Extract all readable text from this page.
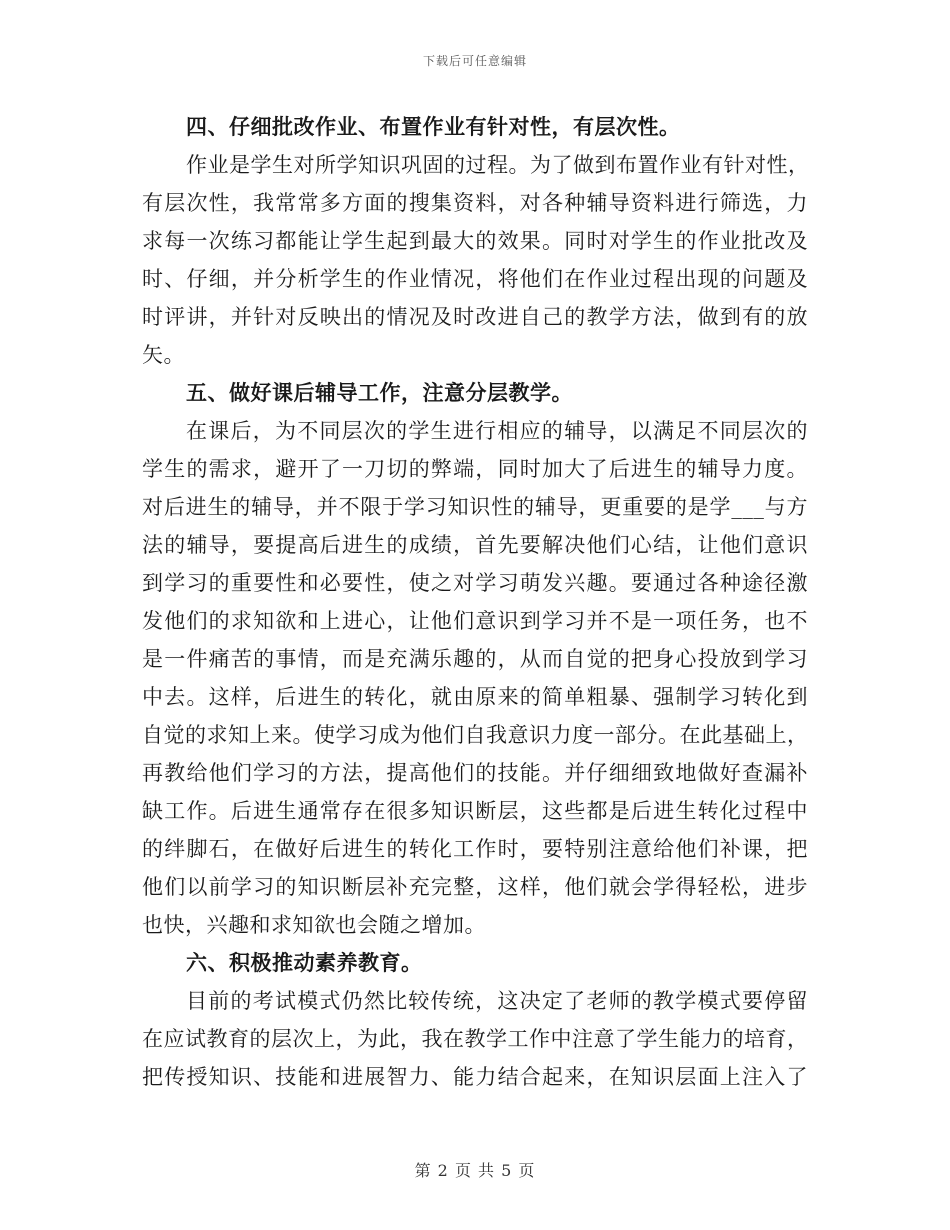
下载后可任意编辑
四、仔细批改作业、布置作业有针对性，有层次性。
作业是学生对所学知识巩固的过程。为了做到布置作业有针对性，
有层次性，我常常多方面的搜集资料，对各种辅导资料进行筛选，力
求每一次练习都能让学生起到最大的效果。同时对学生的作业批改及
时、仔细，并分析学生的作业情况，将他们在作业过程出现的问题及
时评讲，并针对反映出的情况及时改进自己的教学方法，做到有的放
矢。
五、做好课后辅导工作，注意分层教学。
在课后，为不同层次的学生进行相应的辅导，以满足不同层次的
学生的需求，避开了一刀切的弊端，同时加大了后进生的辅导力度。
对后进生的辅导，并不限于学习知识性的辅导，更重要的是学___与方
法的辅导，要提高后进生的成绩，首先要解决他们心结，让他们意识
到学习的重要性和必要性，使之对学习萌发兴趣。要通过各种途径激
发他们的求知欲和上进心，让他们意识到学习并不是一项任务，也不
是一件痛苦的事情，而是充满乐趣的，从而自觉的把身心投放到学习
中去。这样，后进生的转化，就由原来的简单粗暴、强制学习转化到
自觉的求知上来。使学习成为他们自我意识力度一部分。在此基础上，
再教给他们学习的方法，提高他们的技能。并仔细细致地做好查漏补
缺工作。后进生通常存在很多知识断层，这些都是后进生转化过程中
的绊脚石，在做好后进生的转化工作时，要特别注意给他们补课，把
他们以前学习的知识断层补充完整，这样，他们就会学得轻松，进步
也快，兴趣和求知欲也会随之增加。
六、积极推动素养教育。
目前的考试模式仍然比较传统，这决定了老师的教学模式要停留
在应试教育的层次上，为此，我在教学工作中注意了学生能力的培育，
把传授知识、技能和进展智力、能力结合起来，在知识层面上注入了
第 2 页 共 5 页
